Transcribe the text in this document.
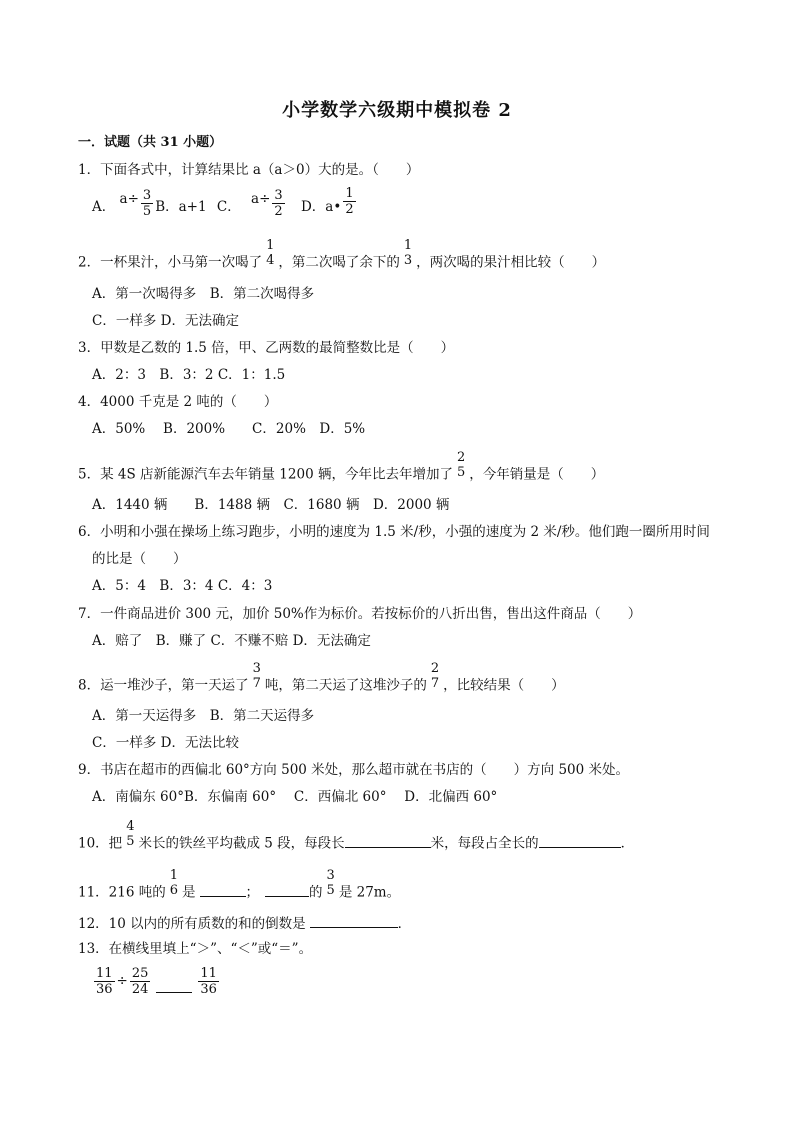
小学数学六级期中模拟卷 2
一．试题（共 31 小题）
1．下面各式中，计算结果比 a（a＞0）大的是。（　　）
A． $a\div \frac{3}{5}$ B．a+1 C． $a\div \frac{3}{2}$ D．a• $\frac{1}{2}$
2．一杯果汁，小马第一次喝了
1
4 ，第二次喝了余下的
1
3 ，两次喝的果汁相比较（　　）
A．第一次喝得多　B．第二次喝得多
C．一样多 D．无法确定
3．甲数是乙数的 1.5 倍，甲、乙两数的最简整数比是（　　）
A．2：3　B．3：2 C．1：1.5
4．4000 千克是 2 吨的（　　）
A．50%　 B．200%　　C．20%　D．5%
5．某 4S 店新能源汽车去年销量 1200 辆，今年比去年增加了
2
5 ，今年销量是（　　）
A．1440 辆　　B．1488 辆　C．1680 辆　D．2000 辆
6．小明和小强在操场上练习跑步，小明的速度为 1.5 米/秒，小强的速度为 2 米/秒。他们跑一圈所用时间
的比是（　　）
A．5：4　B．3：4 C．4：3
7．一件商品进价 300 元，加价 50%作为标价。若按标价的八折出售，售出这件商品（　　）
A．赔了　B．赚了 C．不赚不赔 D．无法确定
8．运一堆沙子，第一天运了
3
7 吨，第二天运了这堆沙子的
2
7 ，比较结果（　　）
A．第一天运得多　B．第二天运得多
C．一样多 D．无法比较
9．书店在超市的西偏北 60°方向 500 米处，那么超市就在书店的（　　）方向 500 米处。
A．南偏东 60°B．东偏南 60°　 C．西偏北 60°　 D．北偏西 60°
10．把
4
5 米长的铁丝平均截成 5 段，每段长	米，每段占全长的	．
11．216 吨的
1
6 是	；	的
3
5 是 27m。
12．10 以内的所有质数的和的倒数是	．
13．在横线里填上“＞”、“＜”或“＝”。
$\frac{11}{36} \div \frac{25}{24}$	$\frac{11}{36}$
